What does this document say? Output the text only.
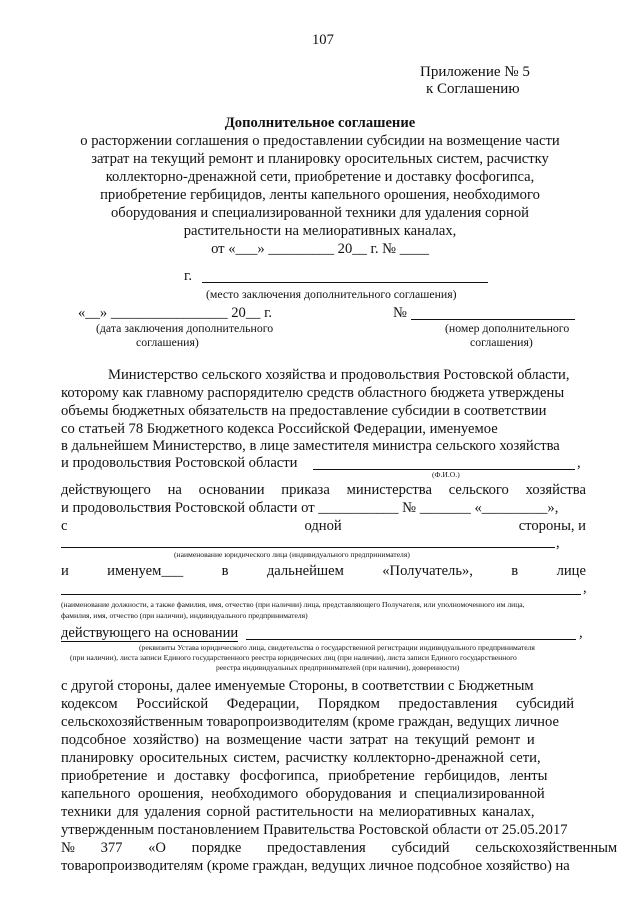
107
Приложение № 5
к Соглашению
Дополнительное соглашение
о расторжении соглашения о предоставлении субсидии на возмещение части
затрат на текущий ремонт и планировку оросительных систем, расчистку
коллекторно-дренажной сети, приобретение и доставку фосфогипса,
приобретение гербицидов, ленты капельного орошения, необходимого
оборудования и специализированной техники для удаления сорной
растительности на мелиоративных каналах,
от «___» _________ 20__ г. № ____
г.
(место заключения дополнительного соглашения)
«__» ________________ 20__ г.	№
(дата заключения дополнительного
соглашения)
(номер дополнительного
соглашения)
Министерство сельского хозяйства и продовольствия Ростовской области,
которому как главному распорядителю средств областного бюджета утверждены
объемы бюджетных обязательств на предоставление субсидии в соответствии
со статьей 78 Бюджетного кодекса Российской Федерации, именуемое
в дальнейшем Министерство, в лице заместителя министра сельского хозяйства
и продовольствия Ростовской области	,
(Ф.И.О.)
действующего на основании приказа министерства сельского хозяйства
и продовольствия Ростовской области от ___________ № _______ «_________»,
с	одной	стороны, и
,
(наименование юридического лица (индивидуального предпринимателя)
и	именуем___	в	дальнейшем	«Получатель»,	в	лице
,
(наименование должности, а также фамилия, имя, отчество (при наличии) лица, представляющего Получателя, или уполномоченного им лица,
фамилия, имя, отчество (при наличии), индивидуального предпринимателя)
действующего на основании	,
(реквизиты Устава юридического лица, свидетельства о государственной регистрации индивидуального предпринимателя
(при наличии), листа записи Единого государственного реестра юридических лиц (при наличии), листа записи Единого государственного
реестра индивидуальных предпринимателей (при наличии), доверенности)
с другой стороны, далее именуемые Стороны, в соответствии с Бюджетным
кодексом Российской Федерации, Порядком предоставления субсидий
сельскохозяйственным товаропроизводителям (кроме граждан, ведущих личное
подсобное хозяйство) на возмещение части затрат на текущий ремонт и
планировку оросительных систем, расчистку коллекторно-дренажной сети,
приобретение и доставку фосфогипса, приобретение гербицидов, ленты
капельного орошения, необходимого оборудования и специализированной
техники для удаления сорной растительности на мелиоративных каналах,
утвержденным постановлением Правительства Ростовской области от 25.05.2017
№ 377 «О порядке предоставления субсидий сельскохозяйственным
товаропроизводителям (кроме граждан, ведущих личное подсобное хозяйство) на
